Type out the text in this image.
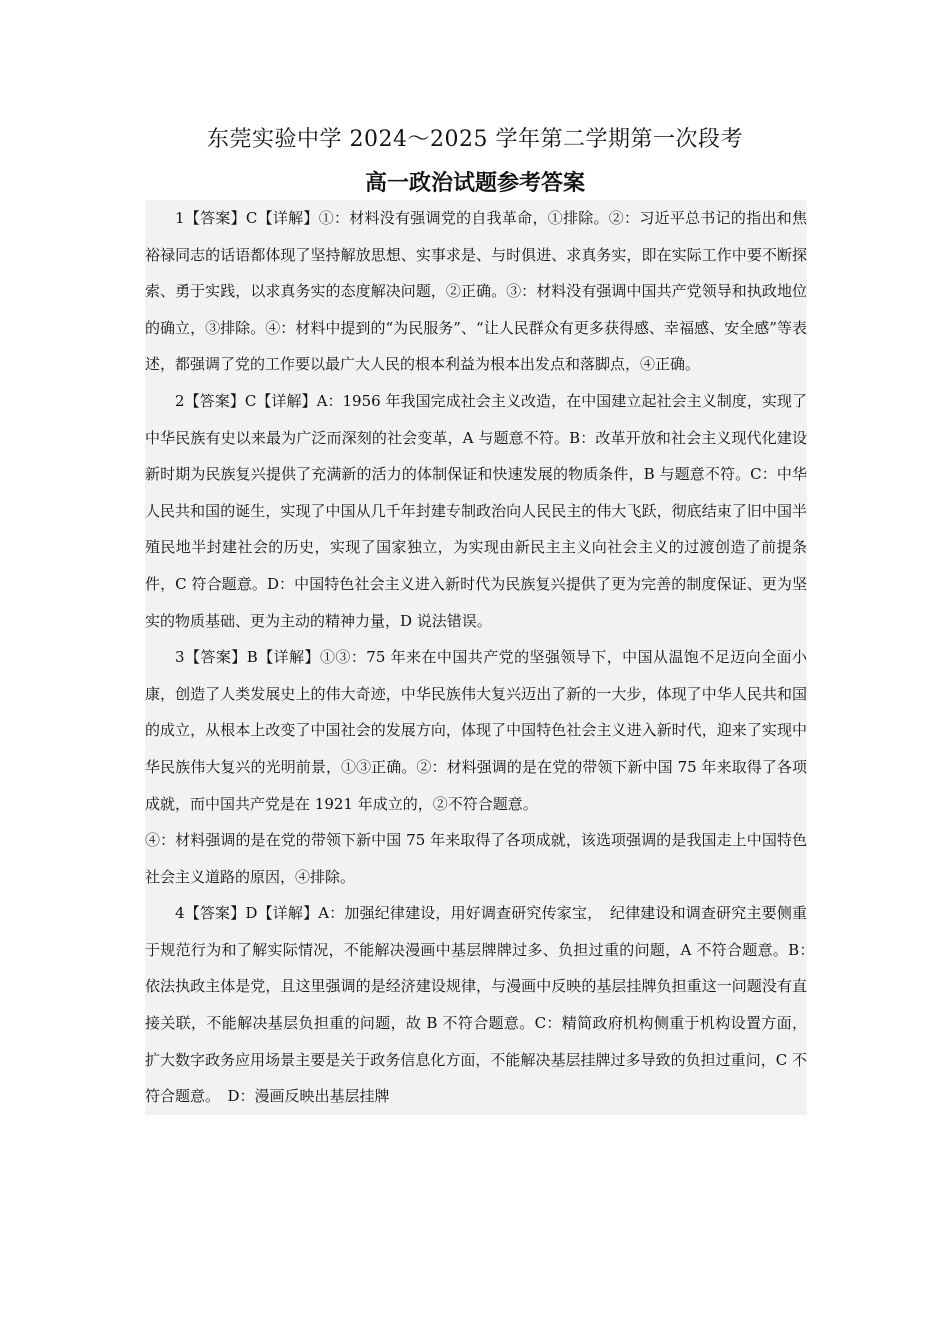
东莞实验中学 2024～2025 学年第二学期第一次段考
高一政治试题参考答案

1【答案】C【详解】①：材料没有强调党的自我革命，①排除。②：习近平总书记的指出和焦裕禄同志的话语都体现了坚持解放思想、实事求是、与时俱进、求真务实，即在实际工作中要不断探索、勇于实践，以求真务实的态度解决问题，②正确。③：材料没有强调中国共产党领导和执政地位的确立，③排除。④：材料中提到的“为民服务”、“让人民群众有更多获得感、幸福感、安全感”等表述，都强调了党的工作要以最广大人民的根本利益为根本出发点和落脚点，④正确。

2【答案】C【详解】A：1956 年我国完成社会主义改造，在中国建立起社会主义制度，实现了中华民族有史以来最为广泛而深刻的社会变革，A 与题意不符。B：改革开放和社会主义现代化建设新时期为民族复兴提供了充满新的活力的体制保证和快速发展的物质条件，B 与题意不符。C：中华人民共和国的诞生，实现了中国从几千年封建专制政治向人民民主的伟大飞跃，彻底结束了旧中国半殖民地半封建社会的历史，实现了国家独立，为实现由新民主主义向社会主义的过渡创造了前提条件，C 符合题意。D：中国特色社会主义进入新时代为民族复兴提供了更为完善的制度保证、更为坚实的物质基础、更为主动的精神力量，D 说法错误。

3【答案】B【详解】①③：75 年来在中国共产党的坚强领导下，中国从温饱不足迈向全面小康，创造了人类发展史上的伟大奇迹，中华民族伟大复兴迈出了新的一大步，体现了中华人民共和国的成立，从根本上改变了中国社会的发展方向，体现了中国特色社会主义进入新时代，迎来了实现中华民族伟大复兴的光明前景，①③正确。②：材料强调的是在党的带领下新中国 75 年来取得了各项成就，而中国共产党是在 1921 年成立的，②不符合题意。

④：材料强调的是在党的带领下新中国 75 年来取得了各项成就，该选项强调的是我国走上中国特色社会主义道路的原因，④排除。

4【答案】D【详解】A：加强纪律建设，用好调查研究传家宝，　纪律建设和调查研究主要侧重于规范行为和了解实际情况，不能解决漫画中基层牌牌过多、负担过重的问题，A 不符合题意。B：　依法执政主体是党，且这里强调的是经济建设规律，与漫画中反映的基层挂牌负担重这一问题没有直接关联，不能解决基层负担重的问题，故 B 不符合题意。C：精简政府机构侧重于机构设置方面，扩大数字政务应用场景主要是关于政务信息化方面，不能解决基层挂牌过多导致的负担过重问，C 不符合题意。　D：漫画反映出基层挂牌
